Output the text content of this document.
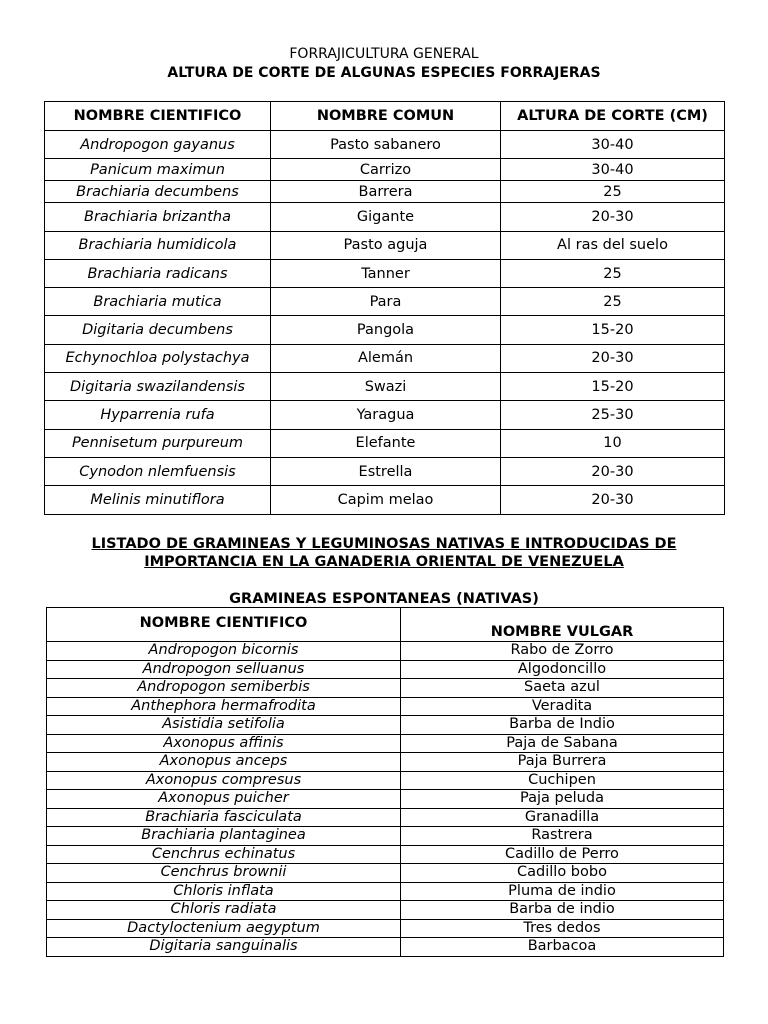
FORRAJICULTURA GENERAL
ALTURA DE CORTE DE ALGUNAS ESPECIES FORRAJERAS
NOMBRE CIENTIFICO	NOMBRE COMUN	ALTURA DE CORTE (CM)
Andropogon gayanus	Pasto sabanero	30-40
Panicum maximun	Carrizo	30-40
Brachiaria decumbens	Barrera	25
Brachiaria brizantha	Gigante	20-30
Brachiaria humidicola	Pasto aguja	Al ras del suelo
Brachiaria radicans	Tanner	25
Brachiaria mutica	Para	25
Digitaria decumbens	Pangola	15-20
Echynochloa polystachya	Alemán	20-30
Digitaria swazilandensis	Swazi	15-20
Hyparrenia rufa	Yaragua	25-30
Pennisetum purpureum	Elefante	10
Cynodon nlemfuensis	Estrella	20-30
Melinis minutiflora	Capim melao	20-30
LISTADO DE GRAMINEAS Y LEGUMINOSAS NATIVAS E INTRODUCIDAS DE
IMPORTANCIA EN LA GANADERIA ORIENTAL DE VENEZUELA
GRAMINEAS ESPONTANEAS (NATIVAS)
NOMBRE CIENTIFICO	NOMBRE VULGAR
Andropogon bicornis	Rabo de Zorro
Andropogon selluanus	Algodoncillo
Andropogon semiberbis	Saeta azul
Anthephora hermafrodita	Veradita
Asistidia setifolia	Barba de Indio
Axonopus affinis	Paja de Sabana
Axonopus anceps	Paja Burrera
Axonopus compresus	Cuchipen
Axonopus puicher	Paja peluda
Brachiaria fasciculata	Granadilla
Brachiaria plantaginea	Rastrera
Cenchrus echinatus	Cadillo de Perro
Cenchrus brownii	Cadillo bobo
Chloris inflata	Pluma de indio
Chloris radiata	Barba de indio
Dactyloctenium aegyptum	Tres dedos
Digitaria sanguinalis	Barbacoa
